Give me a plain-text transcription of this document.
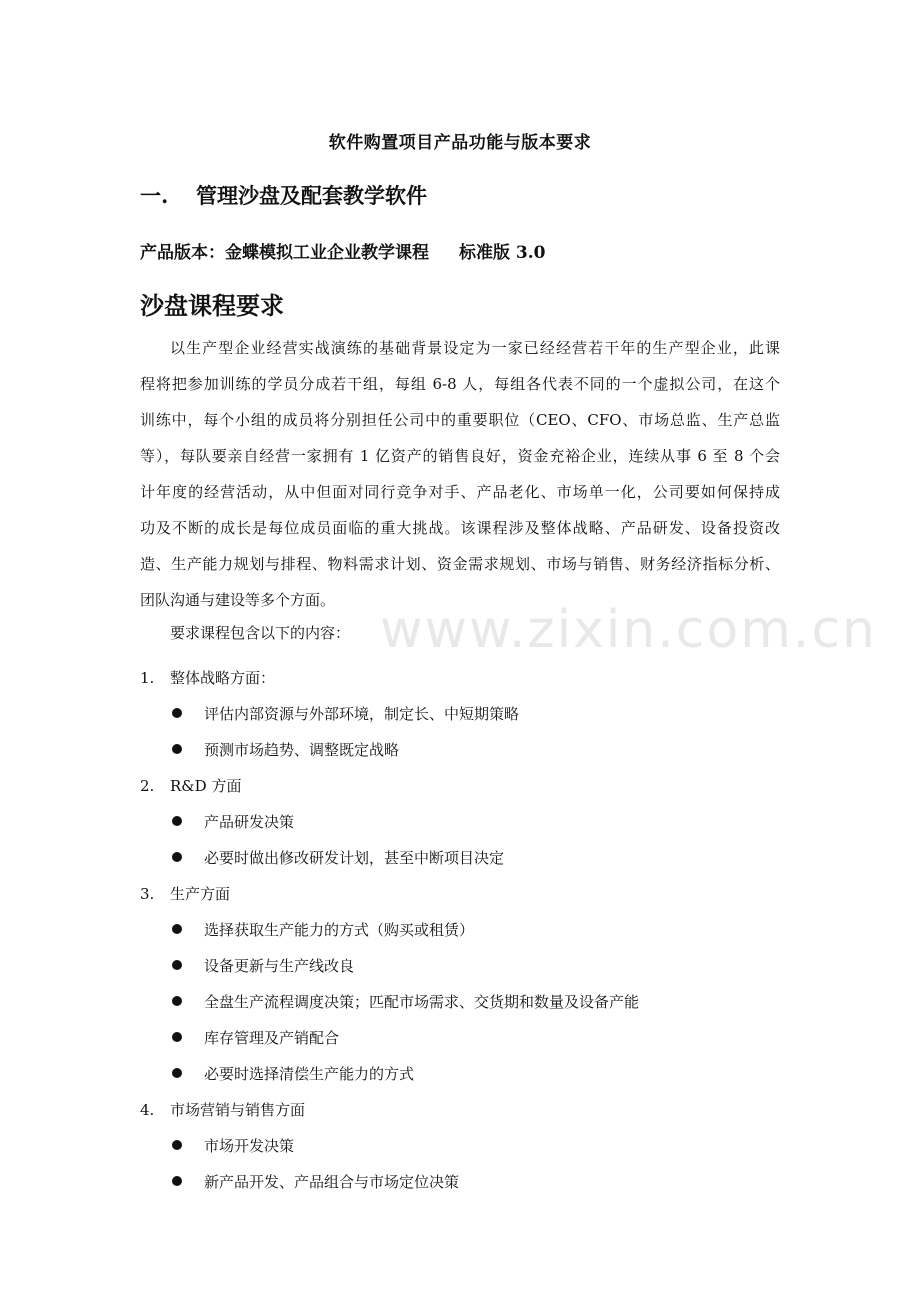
www.zixin.com.cn
软件购置项目产品功能与版本要求
一. 管理沙盘及配套教学软件
产品版本：金蝶模拟工业企业教学课程 标准版 3.0
沙盘课程要求

以生产型企业经营实战演练的基础背景设定为一家已经经营若干年的生产型企业，此课
程将把参加训练的学员分成若干组，每组 6-8 人，每组各代表不同的一个虚拟公司，在这个
训练中，每个小组的成员将分别担任公司中的重要职位（CEO、CFO、市场总监、生产总监
等），每队要亲自经营一家拥有 1 亿资产的销售良好，资金充裕企业，连续从事 6 至 8 个会
计年度的经营活动，从中但面对同行竞争对手、产品老化、市场单一化，公司要如何保持成
功及不断的成长是每位成员面临的重大挑战。该课程涉及整体战略、产品研发、设备投资改
造、生产能力规划与排程、物料需求计划、资金需求规划、市场与销售、财务经济指标分析、
团队沟通与建设等多个方面。

要求课程包含以下的内容：
1. 整体战略方面：
评估内部资源与外部环境，制定长、中短期策略
预测市场趋势、调整既定战略
2. R&D 方面
产品研发决策
必要时做出修改研发计划，甚至中断项目决定
3. 生产方面
选择获取生产能力的方式（购买或租赁）
设备更新与生产线改良
全盘生产流程调度决策；匹配市场需求、交货期和数量及设备产能
库存管理及产销配合
必要时选择清偿生产能力的方式
4. 市场营销与销售方面
市场开发决策
新产品开发、产品组合与市场定位决策
